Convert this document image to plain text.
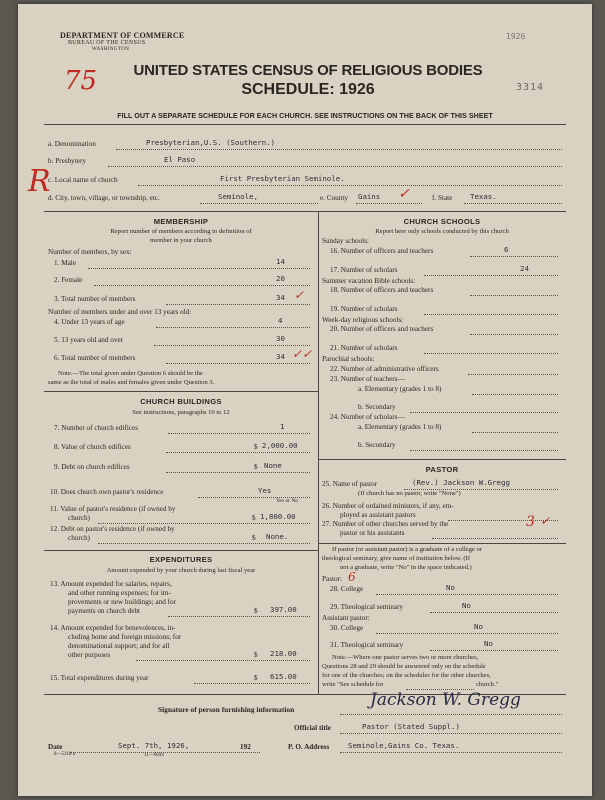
DEPARTMENT OF COMMERCE
BUREAU OF THE CENSUS
WASHINGTON
1926
3314
75
R
UNITED STATES CENSUS OF RELIGIOUS BODIES
SCHEDULE: 1926
FILL OUT A SEPARATE SCHEDULE FOR EACH CHURCH. SEE INSTRUCTIONS ON THE BACK OF THIS SHEET
a. Denomination	Presbyterian,U.S. (Southern.)
b. Presbytery	El Paso
c. Local name of church	First Presbyterian Seminole.
d. City, town, village, or township, etc.	Seminole,	e. County Gains ✓	f. State Texas.
MEMBERSHIP
Report number of members according to definition of
member in your church
Number of members, by sex:
1. Male	14
2. Female	20
3. Total number of members	34 ✓
Number of members under and over 13 years old:
4. Under 13 years of age	4
5. 13 years old and over	30
6. Total number of members	34 ✓✓
Note.—The total given under Question 6 should be the
same as the total of males and females given under Question 3.
CHURCH BUILDINGS
See instructions, paragraphs 10 to 12
7. Number of church edifices	1
8. Value of church edifices	$ 2,000.00
9. Debt on church edifices	$ None
10. Does church own pastor's residence	Yes
Yes or No
11. Value of pastor's residence (if owned by
church)	$ 1,800.00
12. Debt on pastor's residence (if owned by
church)	$ None.
EXPENDITURES
Amount expended by your church during last fiscal year
13. Amount expended for salaries, repairs,
and other running expenses; for im-
provements or new buildings; and for
payments on church debt	$ 397.00
14. Amount expended for benevolences, in-
cluding home and foreign missions; for
denominational support; and for all
other purposes	$ 218.00
15. Total expenditures during year	$ 615.00
CHURCH SCHOOLS
Report here only schools conducted by this church
Sunday schools:
16. Number of officers and teachers	6
17. Number of scholars	24
Summer vacation Bible schools:
18. Number of officers and teachers
19. Number of scholars
Week-day religious schools:
20. Number of officers and teachers
21. Number of scholars
Parochial schools:
22. Number of administrative officers
23. Number of teachers—
a. Elementary (grades 1 to 8)
b. Secondary
24. Number of scholars—
a. Elementary (grades 1 to 8)
b. Secondary
PASTOR
25. Name of pastor	(Rev.) Jackson W.Gregg
(If church has no pastor, write "None")
26. Number of ordained ministers, if any, em-
ployed as assistant pastors
27. Number of other churches served by the
pastor or his assistants
3 ✓
If pastor (or assistant pastor) is a graduate of a college or
theological seminary, give name of institution below. (If
not a graduate, write "No" in the space indicated.)
Pastor: 6
28. College	No
29. Theological seminary	No
Assistant pastor:
30. College	No
31. Theological seminary	No
Note.—Where one pastor serves two or more churches,
Questions 28 and 29 should be answered only on the schedule
for one of the churches; on the schedules for the other churches,
write "See schedule for	church."
Signature of person furnishing information	Jackson W. Gregg
Official title	Pastor (Stated Suppl.)
Date	Sept. 7th, 1926,	192	P. O. Address	Seminole,Gains Co. Texas.
8—5318 a	11—9044
